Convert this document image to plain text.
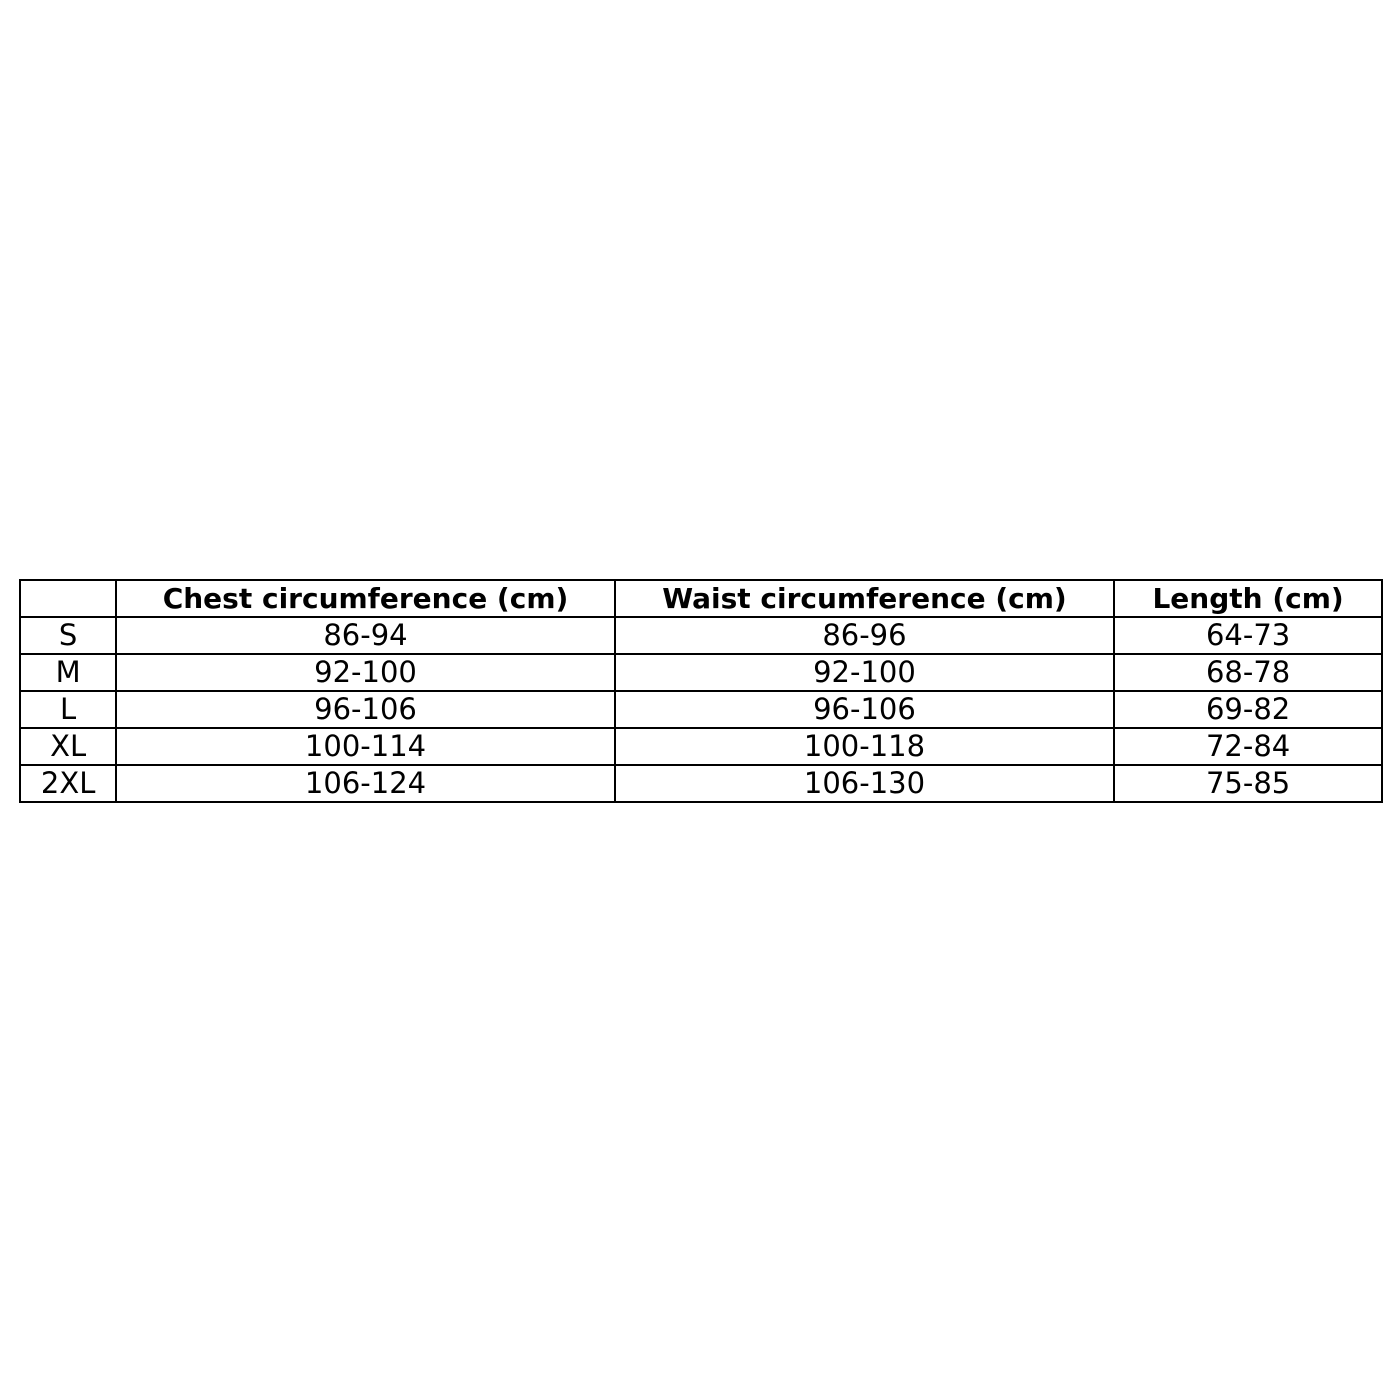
	Chest circumference (cm)	Waist circumference (cm)	Length (cm)
S	86-94	86-96	64-73
M	92-100	92-100	68-78
L	96-106	96-106	69-82
XL	100-114	100-118	72-84
2XL	106-124	106-130	75-85
